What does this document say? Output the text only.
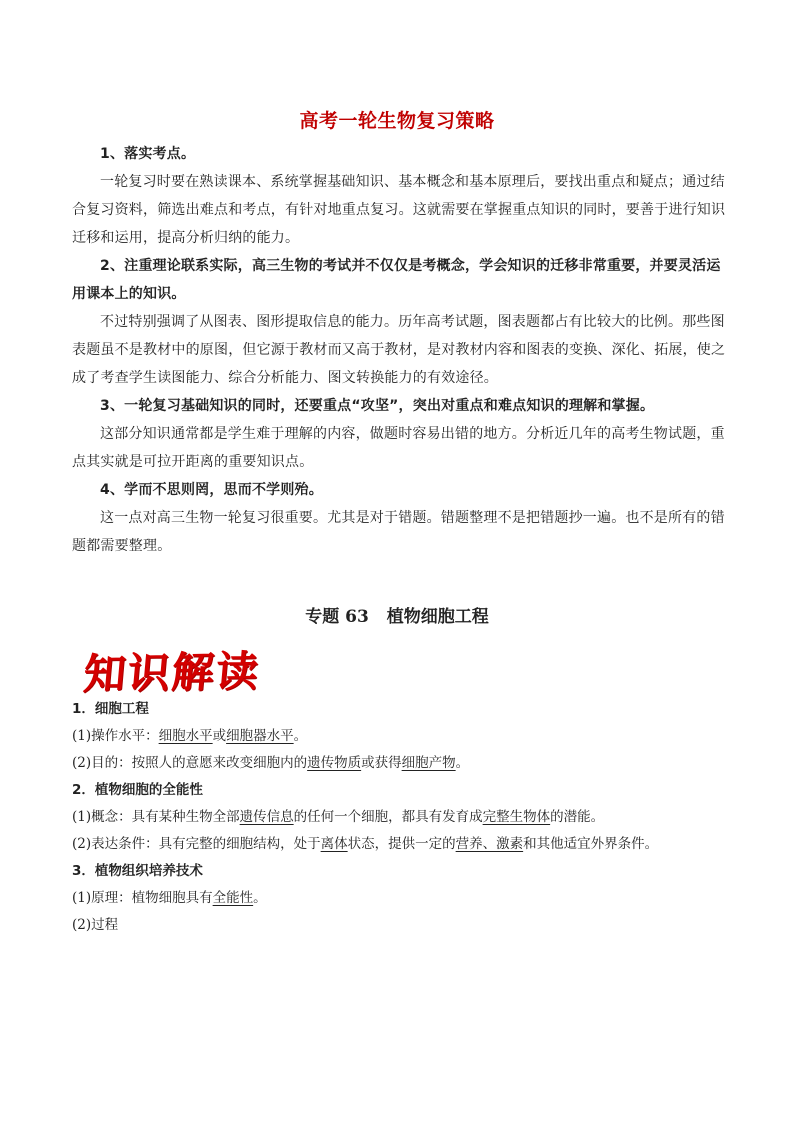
高考一轮生物复习策略

1、落实考点。

一轮复习时要在熟读课本、系统掌握基础知识、基本概念和基本原理后，要找出重点和疑点；通过结合复习资料，筛选出难点和考点，有针对地重点复习。这就需要在掌握重点知识的同时，要善于进行知识迁移和运用，提高分析归纳的能力。

2、注重理论联系实际，高三生物的考试并不仅仅是考概念，学会知识的迁移非常重要，并要灵活运用课本上的知识。

不过特别强调了从图表、图形提取信息的能力。历年高考试题，图表题都占有比较大的比例。那些图表题虽不是教材中的原图，但它源于教材而又高于教材，是对教材内容和图表的变换、深化、拓展，使之成了考查学生读图能力、综合分析能力、图文转换能力的有效途径。

3、一轮复习基础知识的同时，还要重点“攻坚”，突出对重点和难点知识的理解和掌握。

这部分知识通常都是学生难于理解的内容，做题时容易出错的地方。分析近几年的高考生物试题，重点其实就是可拉开距离的重要知识点。

4、学而不思则罔，思而不学则殆。

这一点对高三生物一轮复习很重要。尤其是对于错题。错题整理不是把错题抄一遍。也不是所有的错题都需要整理。

专题 63 植物细胞工程
知识解读

1．细胞工程

(1)操作水平：细胞水平或细胞器水平。

(2)目的：按照人的意愿来改变细胞内的遗传物质或获得细胞产物。

2．植物细胞的全能性

(1)概念：具有某种生物全部遗传信息的任何一个细胞，都具有发育成完整生物体的潜能。

(2)表达条件：具有完整的细胞结构，处于离体状态，提供一定的营养、激素和其他适宜外界条件。

3．植物组织培养技术

(1)原理：植物细胞具有全能性。

(2)过程
